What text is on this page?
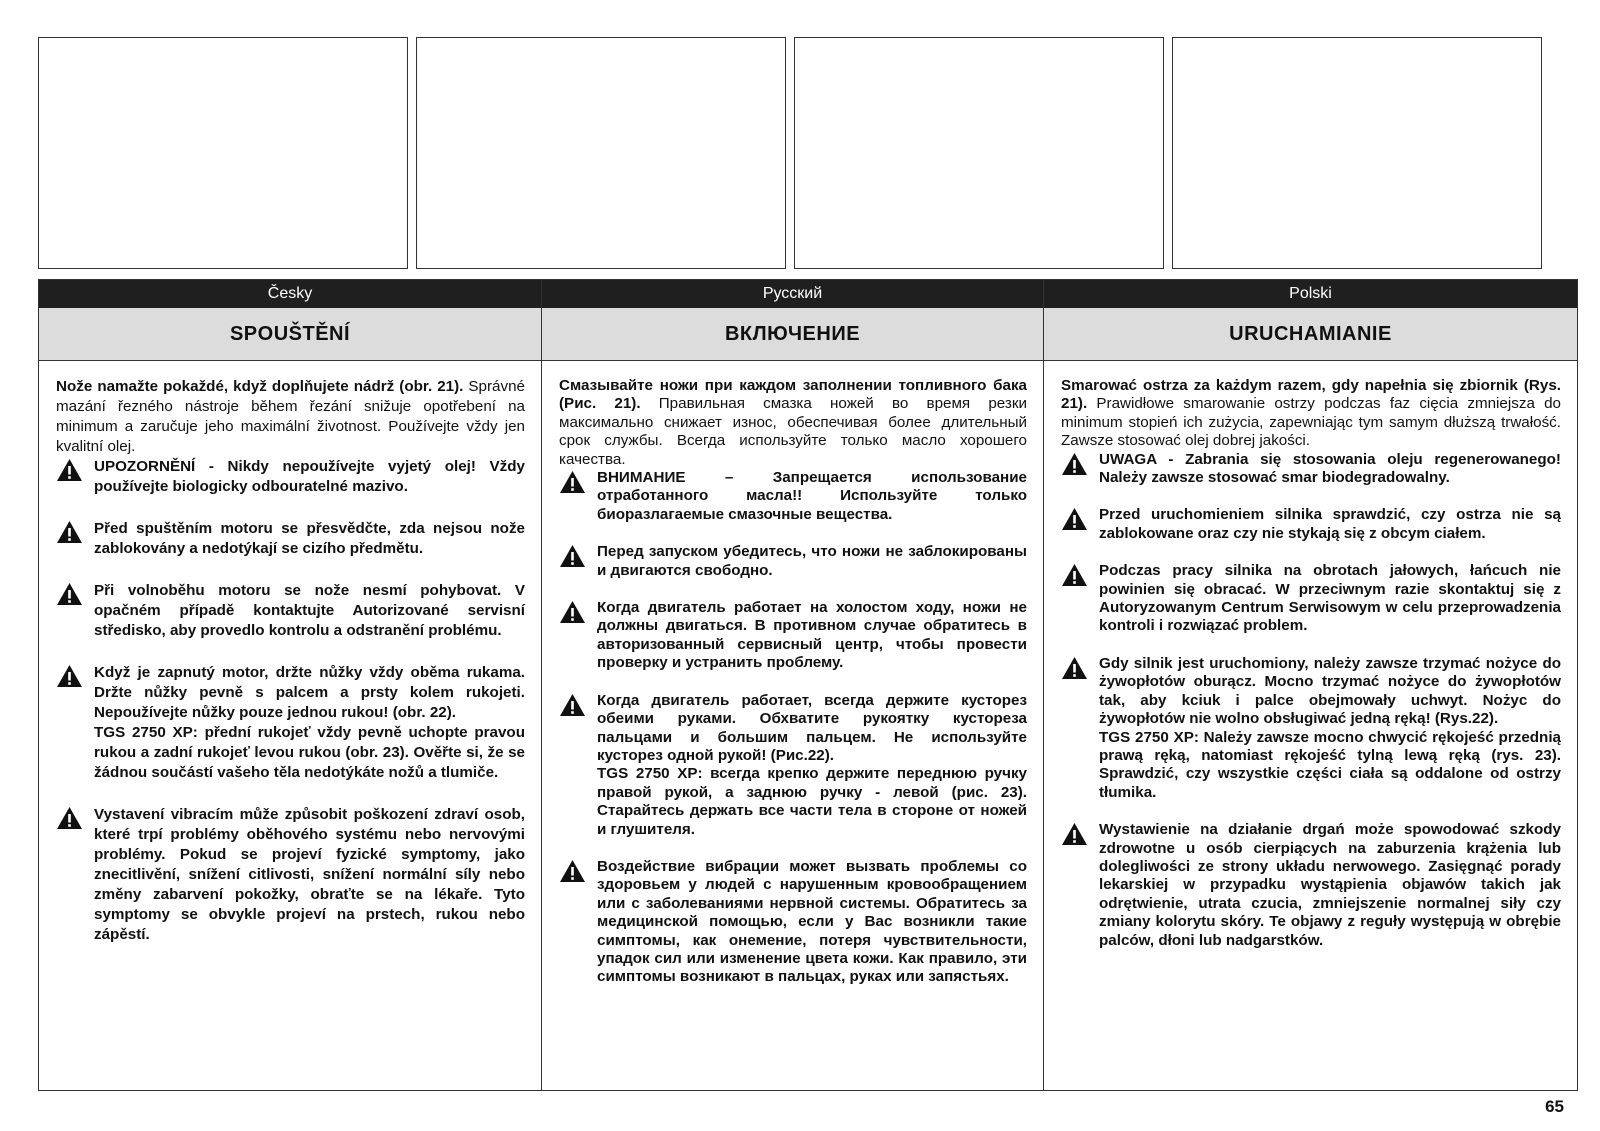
Česky
SPOUŠTĚNÍ

Nože namažte pokaždé, když doplňujete nádrž (obr. 21). Správné mazání řezného nástroje během řezání snižuje opotřebení na minimum a zaručuje jeho maximální životnost. Používejte vždy jen kvalitní olej.

UPOZORNĚNÍ - Nikdy nepoužívejte vyjetý olej! Vždy používejte biologicky odbouratelné mazivo.
Před spuštěním motoru se přesvědčte, zda nejsou nože zablokovány a nedotýkají se cizího předmětu.
Při volnoběhu motoru se nože nesmí pohybovat. V opačném případě kontaktujte Autorizované servisní středisko, aby provedlo kontrolu a odstranění problému.
Když je zapnutý motor, držte nůžky vždy oběma rukama. Držte nůžky pevně s palcem a prsty kolem rukojeti. Nepoužívejte nůžky pouze jednou rukou! (obr. 22).
TGS 2750 XP: přední rukojeť vždy pevně uchopte pravou rukou a zadní rukojeť levou rukou (obr. 23). Ověřte si, že se žádnou součástí vašeho těla nedotýkáte nožů a tlumiče.
Vystavení vibracím může způsobit poškození zdraví osob, které trpí problémy oběhového systému nebo nervovými problémy. Pokud se projeví fyzické symptomy, jako znecitlivění, snížení citlivosti, snížení normální síly nebo změny zabarvení pokožky, obraťte se na lékaře. Tyto symptomy se obvykle projeví na prstech, rukou nebo zápěstí.
Русский
ВКЛЮЧЕНИЕ

Смазывайте ножи при каждом заполнении топливного бака (Рис. 21). Правильная смазка ножей во время резки максимально снижает износ, обеспечивая более длительный срок службы. Всегда используйте только масло хорошего качества.

ВНИМАНИЕ – Запрещается использование отработанного масла!! Используйте только биоразлагаемые смазочные вещества.
Перед запуском убедитесь, что ножи не заблокированы и двигаются свободно.
Когда двигатель работает на холостом ходу, ножи не должны двигаться. В противном случае обратитесь в авторизованный сервисный центр, чтобы провести проверку и устранить проблему.
Когда двигатель работает, всегда держите кусторез обеими руками. Обхватите рукоятку кустореза пальцами и большим пальцем. Не используйте кусторез одной рукой! (Рис.22).
TGS 2750 XP: всегда крепко держите переднюю ручку правой рукой, а заднюю ручку - левой (рис. 23). Старайтесь держать все части тела в стороне от ножей и глушителя.
Воздействие вибрации может вызвать проблемы со здоровьем у людей с нарушенным кровообращением или с заболеваниями нервной системы. Обратитесь за медицинской помощью, если у Вас возникли такие симптомы, как онемение, потеря чувствительности, упадок сил или изменение цвета кожи. Как правило, эти симптомы возникают в пальцах, руках или запястьях.
Polski
URUCHAMIANIE

Smarować ostrza za każdym razem, gdy napełnia się zbiornik (Rys. 21). Prawidłowe smarowanie ostrzy podczas faz cięcia zmniejsza do minimum stopień ich zużycia, zapewniając tym samym dłuższą trwałość. Zawsze stosować olej dobrej jakości.

UWAGA - Zabrania się stosowania oleju regenerowanego! Należy zawsze stosować smar biodegradowalny.
Przed uruchomieniem silnika sprawdzić, czy ostrza nie są zablokowane oraz czy nie stykają się z obcym ciałem.
Podczas pracy silnika na obrotach jałowych, łańcuch nie powinien się obracać. W przeciwnym razie skontaktuj się z Autoryzowanym Centrum Serwisowym w celu przeprowadzenia kontroli i rozwiązać problem.
Gdy silnik jest uruchomiony, należy zawsze trzymać nożyce do żywopłotów oburącz. Mocno trzymać nożyce do żywopłotów tak, aby kciuk i palce obejmowały uchwyt. Nożyc do żywopłotów nie wolno obsługiwać jedną ręką! (Rys.22).
TGS 2750 XP: Należy zawsze mocno chwycić rękojeść przednią prawą ręką, natomiast rękojeść tylną lewą ręką (rys. 23). Sprawdzić, czy wszystkie części ciała są oddalone od ostrzy tłumika.
Wystawienie na działanie drgań może spowodować szkody zdrowotne u osób cierpiących na zaburzenia krążenia lub dolegliwości ze strony układu nerwowego. Zasięgnąć porady lekarskiej w przypadku wystąpienia objawów takich jak odrętwienie, utrata czucia, zmniejszenie normalnej siły czy zmiany kolorytu skóry. Te objawy z reguły występują w obrębie palców, dłoni lub nadgarstków.
65
